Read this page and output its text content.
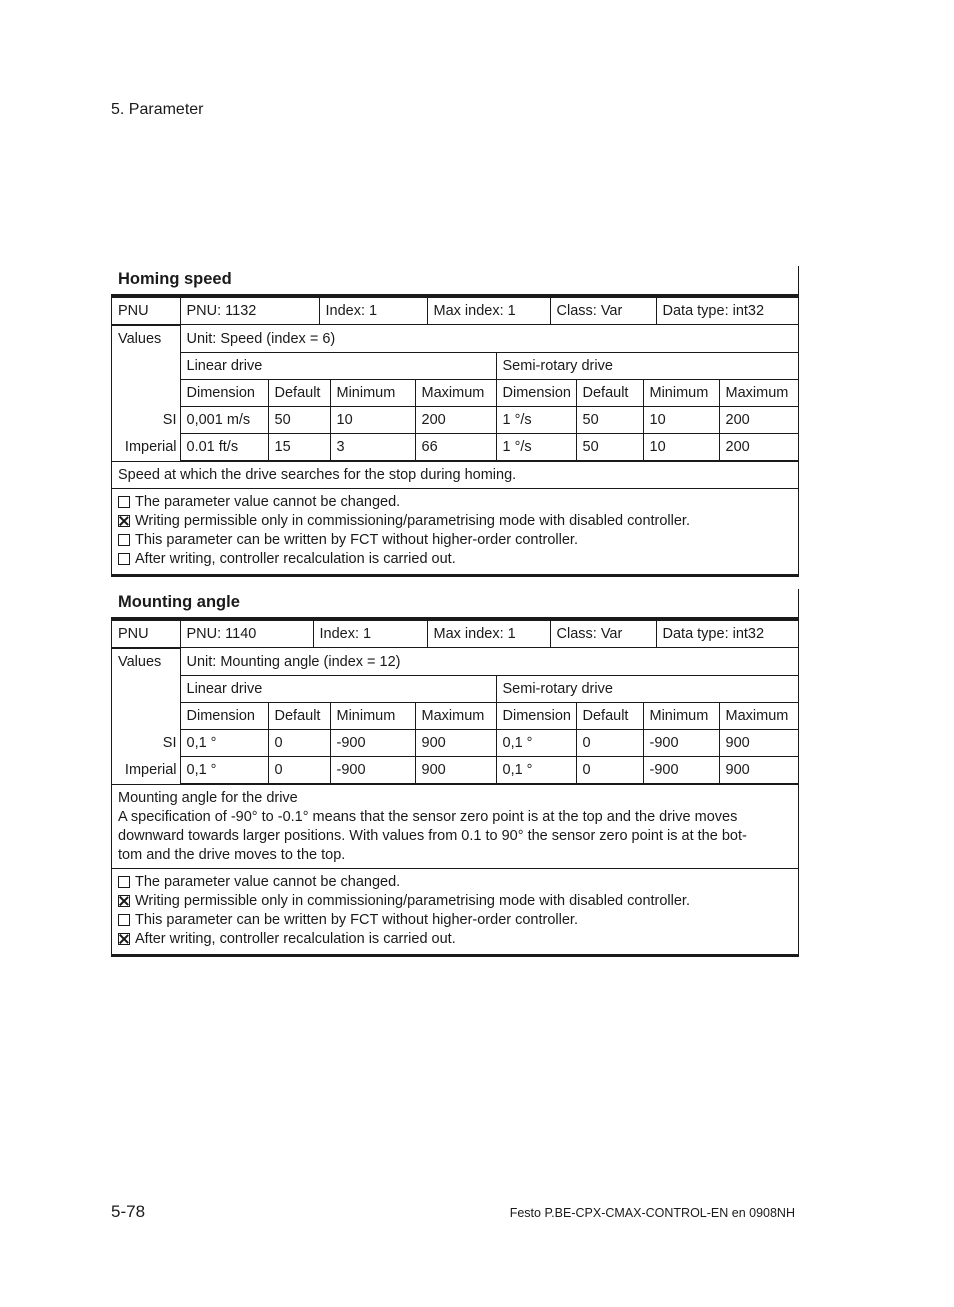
5. Parameter
Homing speed
PNU	PNU: 1132	Index: 1	Max index: 1	Class: Var	Data type: int32
Values	Unit: Speed (index = 6)							
	Linear drive				Semi-rotary drive			
	Dimension	Default	Minimum	Maximum	Dimension	Default	Minimum	Maximum
SI	0,001 m/s	50	10	200	1 °/s	50	10	200
Imperial	0.01 ft/s	15	3	66	1 °/s	50	10	200
Speed at which the drive searches for the stop during homing.
The parameter value cannot be changed.
Writing permissible only in commissioning/parametrising mode with disabled controller.
This parameter can be written by FCT without higher-order controller.
After writing, controller recalculation is carried out.
Mounting angle
PNU	PNU: 1140	Index: 1	Max index: 1	Class: Var	Data type: int32
Values	Unit: Mounting angle (index = 12)							
	Linear drive				Semi-rotary drive			
	Dimension	Default	Minimum	Maximum	Dimension	Default	Minimum	Maximum
SI	0,1 °	0	-900	900	0,1 °	0	-900	900
Imperial	0,1 °	0	-900	900	0,1 °	0	-900	900
Mounting angle for the drive
A specification of -90° to -0.1° means that the sensor zero point is at the top and the drive moves
downward towards larger positions. With values from 0.1 to 90° the sensor zero point is at the bot-
tom and the drive moves to the top.
The parameter value cannot be changed.
Writing permissible only in commissioning/parametrising mode with disabled controller.
This parameter can be written by FCT without higher-order controller.
After writing, controller recalculation is carried out.
5-78	Festo P.BE-CPX-CMAX-CONTROL-EN en 0908NH
